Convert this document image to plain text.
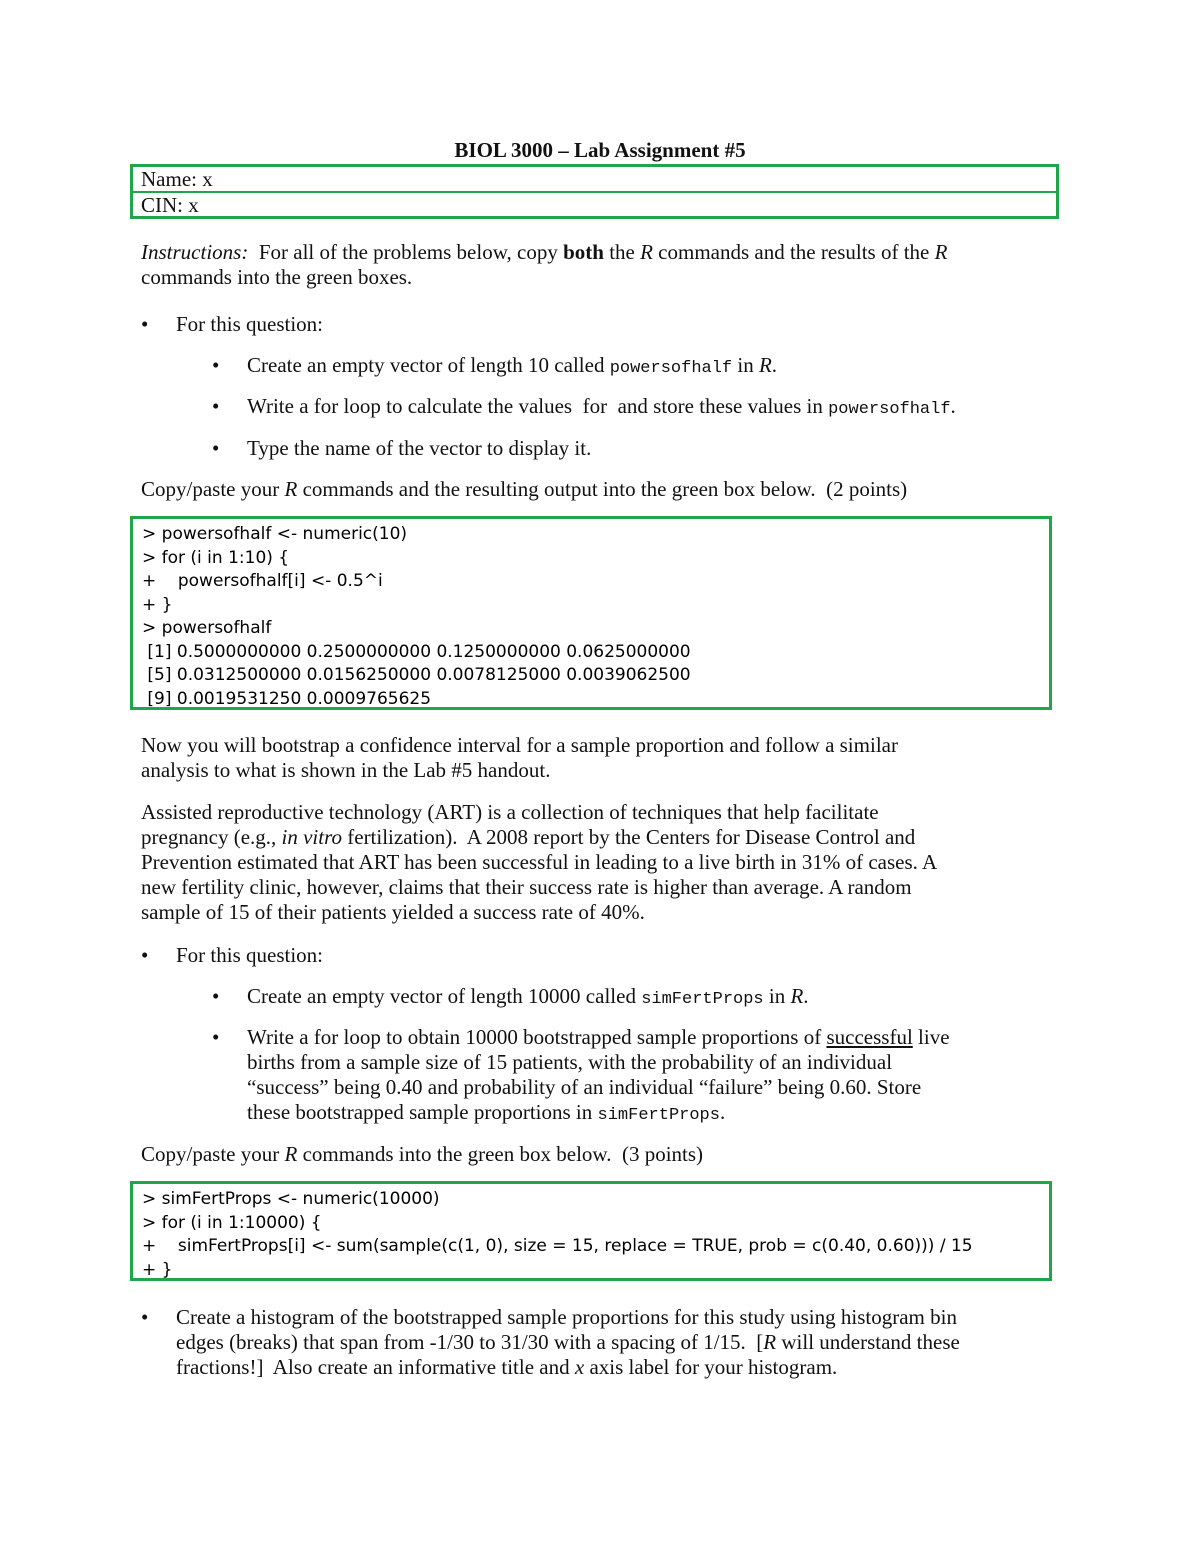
BIOL 3000 – Lab Assignment #5
Name: x
CIN: x
Instructions:  For all of the problems below, copy both the R commands and the results of the R
commands into the green boxes.
• For this question:
• Create an empty vector of length 10 called powersofhalf in R.
• Write a for loop to calculate the values  for  and store these values in powersofhalf.
• Type the name of the vector to display it.
Copy/paste your R commands and the resulting output into the green box below.  (2 points)
> powersofhalf <- numeric(10)
> for (i in 1:10) {
+    powersofhalf[i] <- 0.5^i
+ }
> powersofhalf
[1] 0.5000000000 0.2500000000 0.1250000000 0.0625000000
[5] 0.0312500000 0.0156250000 0.0078125000 0.0039062500
[9] 0.0019531250 0.0009765625
Now you will bootstrap a confidence interval for a sample proportion and follow a similar
analysis to what is shown in the Lab #5 handout.
Assisted reproductive technology (ART) is a collection of techniques that help facilitate
pregnancy (e.g., in vitro fertilization).  A 2008 report by the Centers for Disease Control and
Prevention estimated that ART has been successful in leading to a live birth in 31% of cases. A
new fertility clinic, however, claims that their success rate is higher than average. A random
sample of 15 of their patients yielded a success rate of 40%.
• For this question:
• Create an empty vector of length 10000 called simFertProps in R.
• Write a for loop to obtain 10000 bootstrapped sample proportions of successful live
births from a sample size of 15 patients, with the probability of an individual
“success” being 0.40 and probability of an individual “failure” being 0.60. Store
these bootstrapped sample proportions in simFertProps.
Copy/paste your R commands into the green box below.  (3 points)
> simFertProps <- numeric(10000)
> for (i in 1:10000) {
+    simFertProps[i] <- sum(sample(c(1, 0), size = 15, replace = TRUE, prob = c(0.40, 0.60))) / 15
+ }
• Create a histogram of the bootstrapped sample proportions for this study using histogram bin
edges (breaks) that span from -1/30 to 31/30 with a spacing of 1/15.  [R will understand these
fractions!]  Also create an informative title and x axis label for your histogram.
